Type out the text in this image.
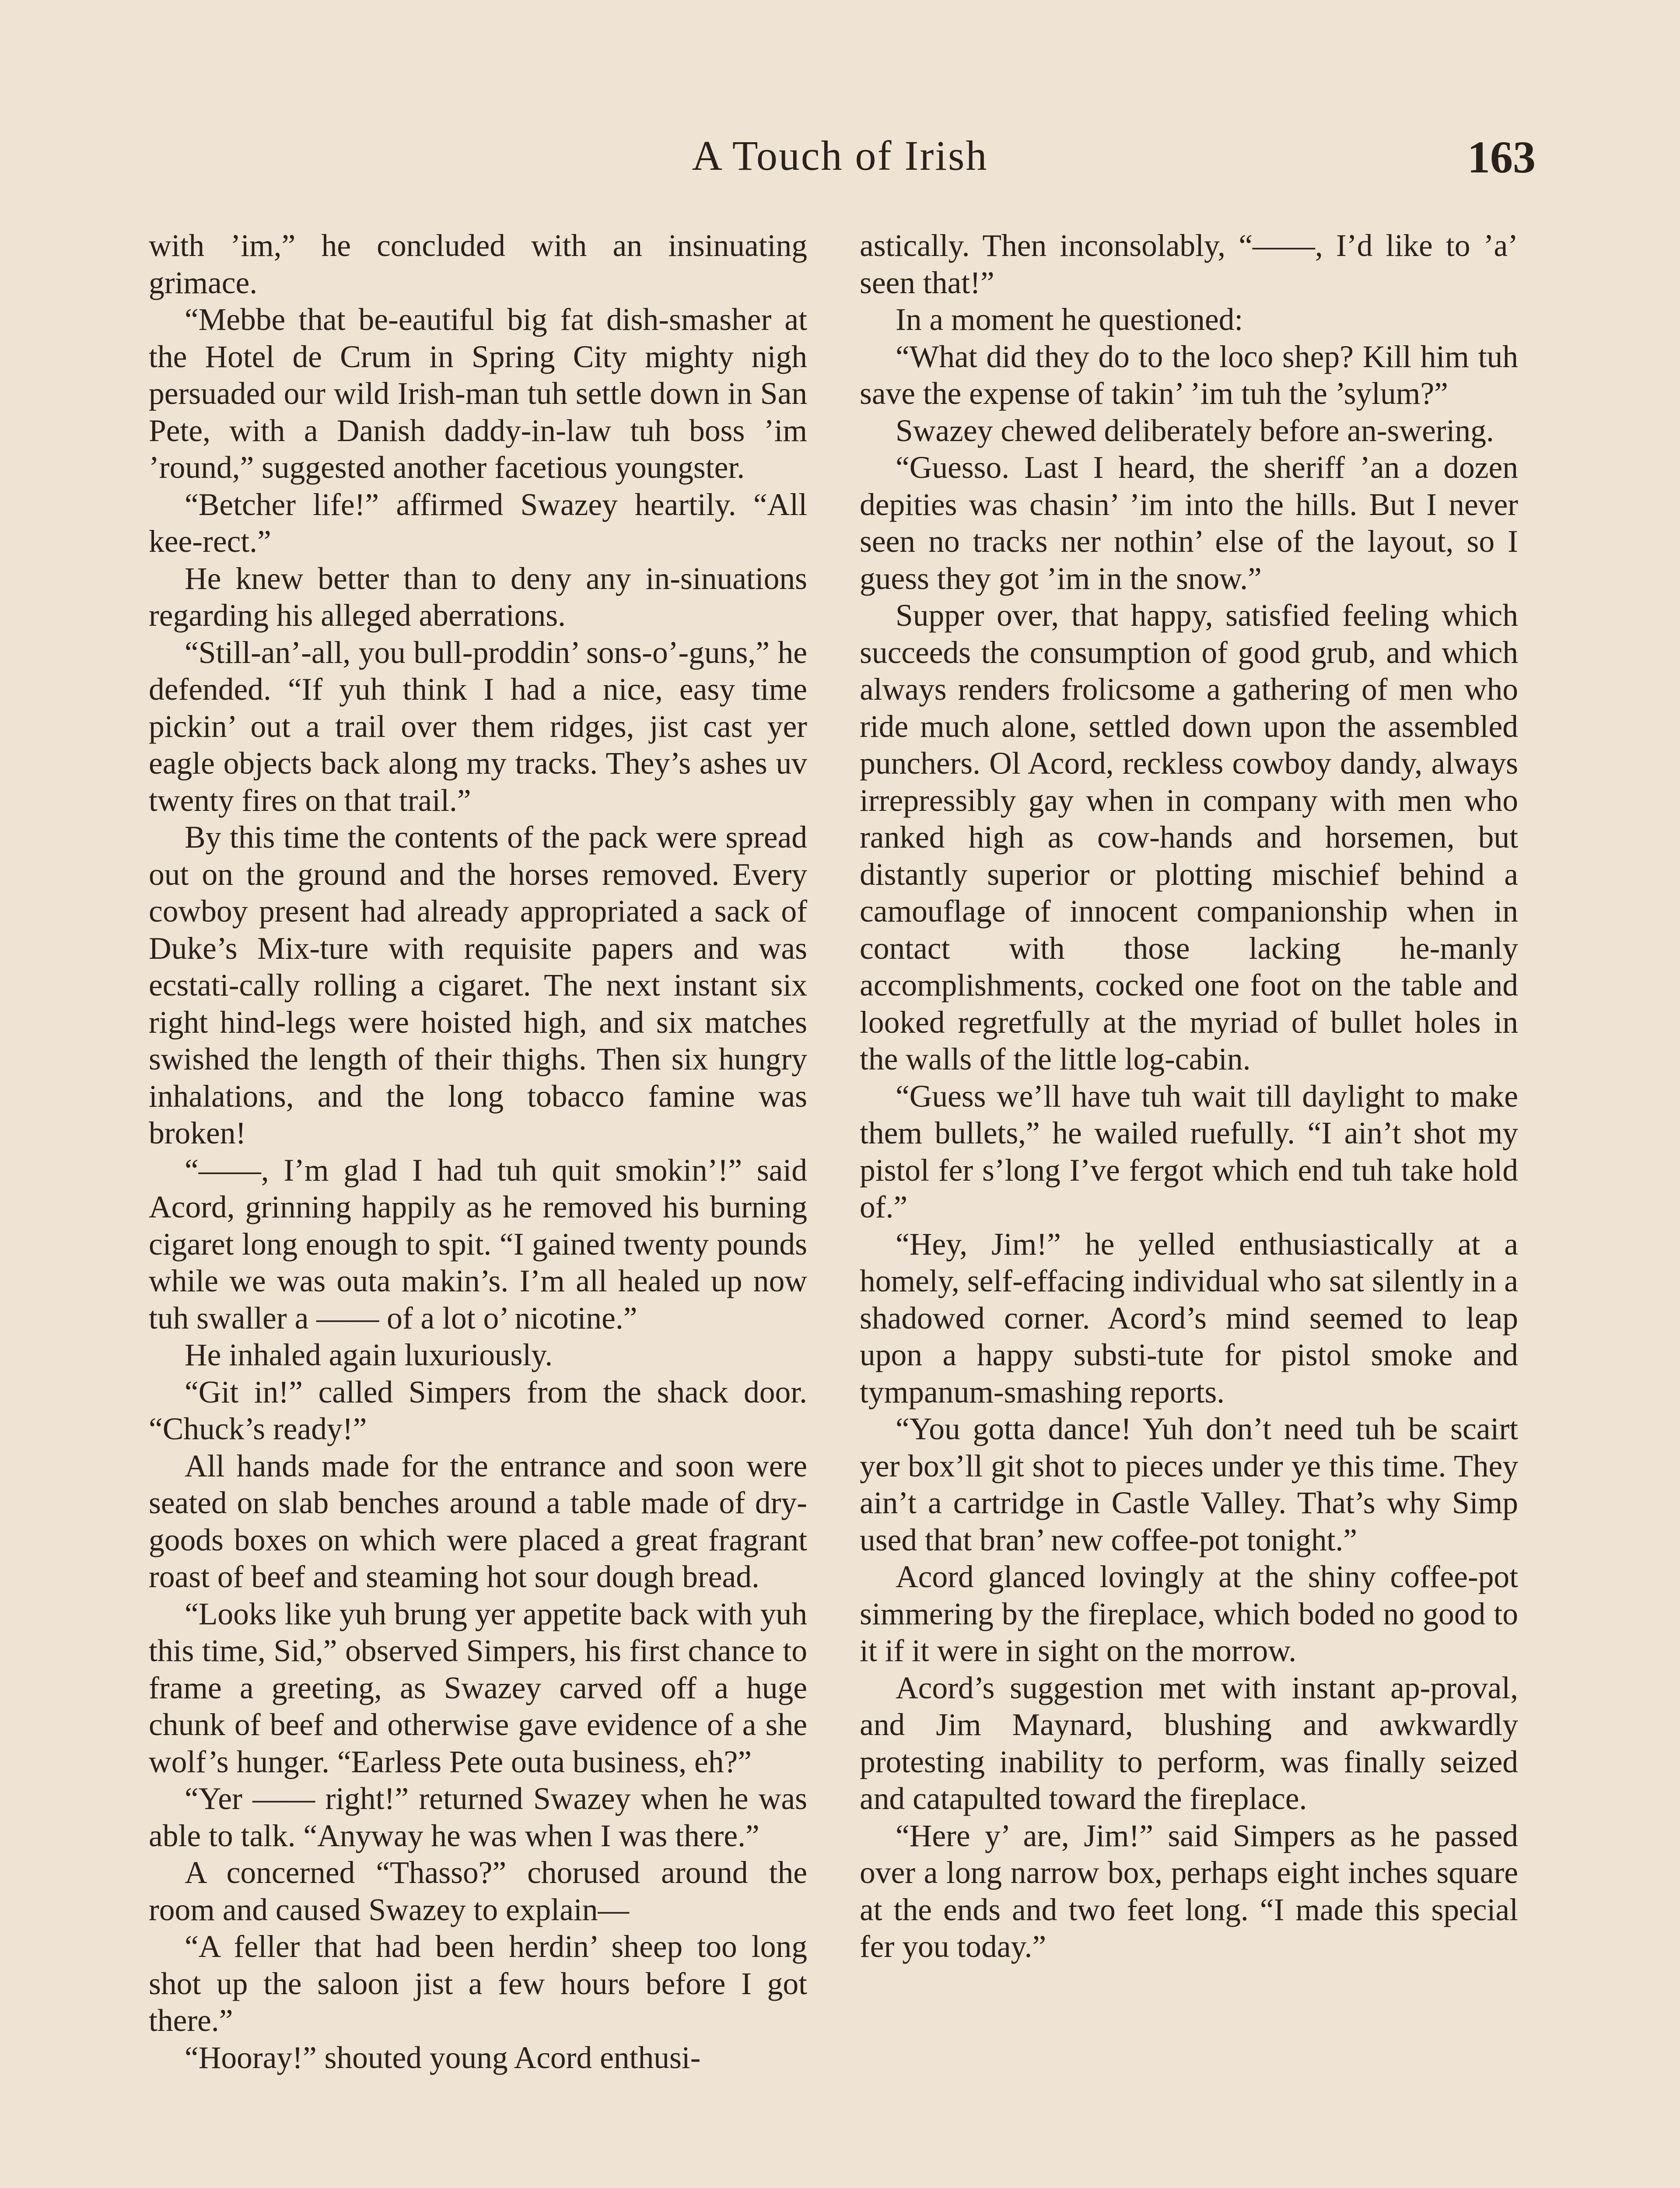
A Touch of Irish	163

with ’im,” he concluded with an insinuating grimace.

“Mebbe that be-eautiful big fat dish-smasher at the Hotel de Crum in Spring City mighty nigh persuaded our wild Irish-man tuh settle down in San Pete, with a Danish daddy-in-law tuh boss ’im ’round,” suggested another facetious youngster.

“Betcher life!” affirmed Swazey heartily. “All kee-rect.”

He knew better than to deny any in-sinuations regarding his alleged aberrations.

“Still-an’-all, you bull-proddin’ sons-o’-guns,” he defended. “If yuh think I had a nice, easy time pickin’ out a trail over them ridges, jist cast yer eagle objects back along my tracks. They’s ashes uv twenty fires on that trail.”

By this time the contents of the pack were spread out on the ground and the horses removed. Every cowboy present had already appropriated a sack of Duke’s Mix-ture with requisite papers and was ecstati-cally rolling a cigaret. The next instant six right hind-legs were hoisted high, and six matches swished the length of their thighs. Then six hungry inhalations, and the long tobacco famine was broken!

“——, I’m glad I had tuh quit smokin’!” said Acord, grinning happily as he removed his burning cigaret long enough to spit. “I gained twenty pounds while we was outa makin’s. I’m all healed up now tuh swaller a —— of a lot o’ nicotine.”

He inhaled again luxuriously.

“Git in!” called Simpers from the shack door. “Chuck’s ready!”

All hands made for the entrance and soon were seated on slab benches around a table made of dry-goods boxes on which were placed a great fragrant roast of beef and steaming hot sour dough bread.

“Looks like yuh brung yer appetite back with yuh this time, Sid,” observed Simpers, his first chance to frame a greeting, as Swazey carved off a huge chunk of beef and otherwise gave evidence of a she wolf’s hunger. “Earless Pete outa business, eh?”

“Yer —— right!” returned Swazey when he was able to talk. “Anyway he was when I was there.”

A concerned “Thasso?” chorused around the room and caused Swazey to explain—

“A feller that had been herdin’ sheep too long shot up the saloon jist a few hours before I got there.”

“Hooray!” shouted young Acord enthusi-

astically. Then inconsolably, “——, I’d like to ’a’ seen that!”

In a moment he questioned:

“What did they do to the loco shep? Kill him tuh save the expense of takin’ ’im tuh the ’sylum?”

Swazey chewed deliberately before an-swering.

“Guesso. Last I heard, the sheriff ’an a dozen depities was chasin’ ’im into the hills. But I never seen no tracks ner nothin’ else of the layout, so I guess they got ’im in the snow.”

Supper over, that happy, satisfied feeling which succeeds the consumption of good grub, and which always renders frolicsome a gathering of men who ride much alone, settled down upon the assembled punchers. Ol Acord, reckless cowboy dandy, always irrepressibly gay when in company with men who ranked high as cow-hands and horsemen, but distantly superior or plotting mischief behind a camouflage of innocent companionship when in contact with those lacking he-manly accomplishments, cocked one foot on the table and looked regretfully at the myriad of bullet holes in the walls of the little log-cabin.

“Guess we’ll have tuh wait till daylight to make them bullets,” he wailed ruefully. “I ain’t shot my pistol fer s’long I’ve fergot which end tuh take hold of.”

“Hey, Jim!” he yelled enthusiastically at a homely, self-effacing individual who sat silently in a shadowed corner. Acord’s mind seemed to leap upon a happy substi-tute for pistol smoke and tympanum-smashing reports.

“You gotta dance! Yuh don’t need tuh be scairt yer box’ll git shot to pieces under ye this time. They ain’t a cartridge in Castle Valley. That’s why Simp used that bran’ new coffee-pot tonight.”

Acord glanced lovingly at the shiny coffee-pot simmering by the fireplace, which boded no good to it if it were in sight on the morrow.

Acord’s suggestion met with instant ap-proval, and Jim Maynard, blushing and awkwardly protesting inability to perform, was finally seized and catapulted toward the fireplace.

“Here y’ are, Jim!” said Simpers as he passed over a long narrow box, perhaps eight inches square at the ends and two feet long. “I made this special fer you today.”
